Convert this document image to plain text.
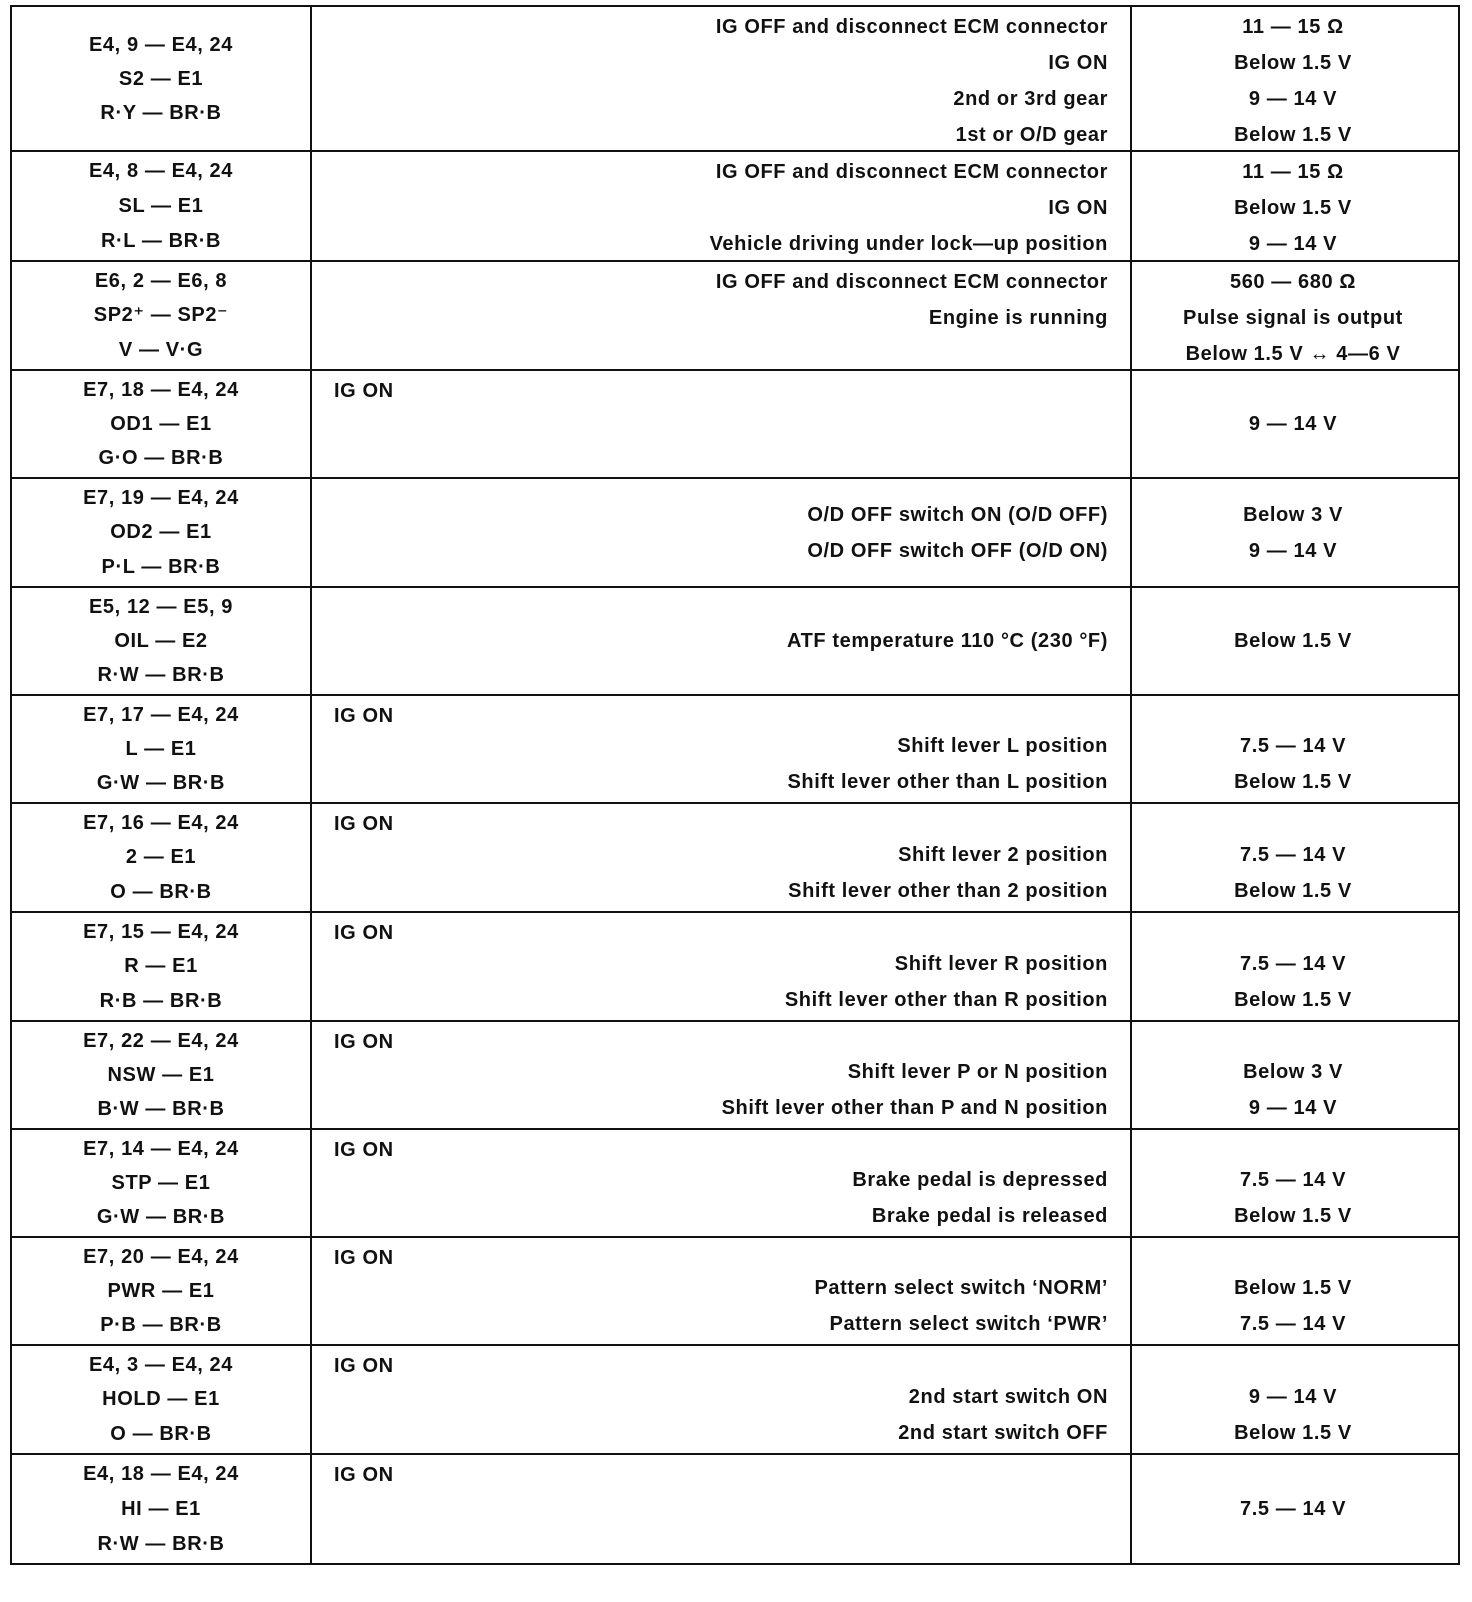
E4, 9 — E4, 24
S2 — E1
R·Y — BR·B
IG OFF and disconnect ECM connector
IG ON
2nd or 3rd gear
1st or O/D gear
11 — 15 Ω
Below 1.5 V
9 — 14 V
Below 1.5 V
E4, 8 — E4, 24
SL — E1
R·L — BR·B
IG OFF and disconnect ECM connector
IG ON
Vehicle driving under lock—up position
11 — 15 Ω
Below 1.5 V
9 — 14 V
E6, 2 — E6, 8
SP2⁺ — SP2⁻
V — V·G
IG OFF and disconnect ECM connector
Engine is running
560 — 680 Ω
Pulse signal is output
Below 1.5 V ↔ 4—6 V
E7, 18 — E4, 24
OD1 — E1
G·O — BR·B
IG ON
9 — 14 V
E7, 19 — E4, 24
OD2 — E1
P·L — BR·B
O/D OFF switch ON (O/D OFF)
O/D OFF switch OFF (O/D ON)
Below 3 V
9 — 14 V
E5, 12 — E5, 9
OIL — E2
R·W — BR·B
ATF temperature 110 °C (230 °F)	Below 1.5 V
E7, 17 — E4, 24
L — E1
G·W — BR·B
IG ON
Shift lever L position
Shift lever other than L position
7.5 — 14 V
Below 1.5 V
E7, 16 — E4, 24
2 — E1
O — BR·B
IG ON
Shift lever 2 position
Shift lever other than 2 position
7.5 — 14 V
Below 1.5 V
E7, 15 — E4, 24
R — E1
R·B — BR·B
IG ON
Shift lever R position
Shift lever other than R position
7.5 — 14 V
Below 1.5 V
E7, 22 — E4, 24
NSW — E1
B·W — BR·B
IG ON
Shift lever P or N position
Shift lever other than P and N position
Below 3 V
9 — 14 V
E7, 14 — E4, 24
STP — E1
G·W — BR·B
IG ON
Brake pedal is depressed
Brake pedal is released
7.5 — 14 V
Below 1.5 V
E7, 20 — E4, 24
PWR — E1
P·B — BR·B
IG ON
Pattern select switch ‘NORM’
Pattern select switch ‘PWR’
Below 1.5 V
7.5 — 14 V
E4, 3 — E4, 24
HOLD — E1
O — BR·B
IG ON
2nd start switch ON
2nd start switch OFF
9 — 14 V
Below 1.5 V
E4, 18 — E4, 24
HI — E1
R·W — BR·B
IG ON
7.5 — 14 V
